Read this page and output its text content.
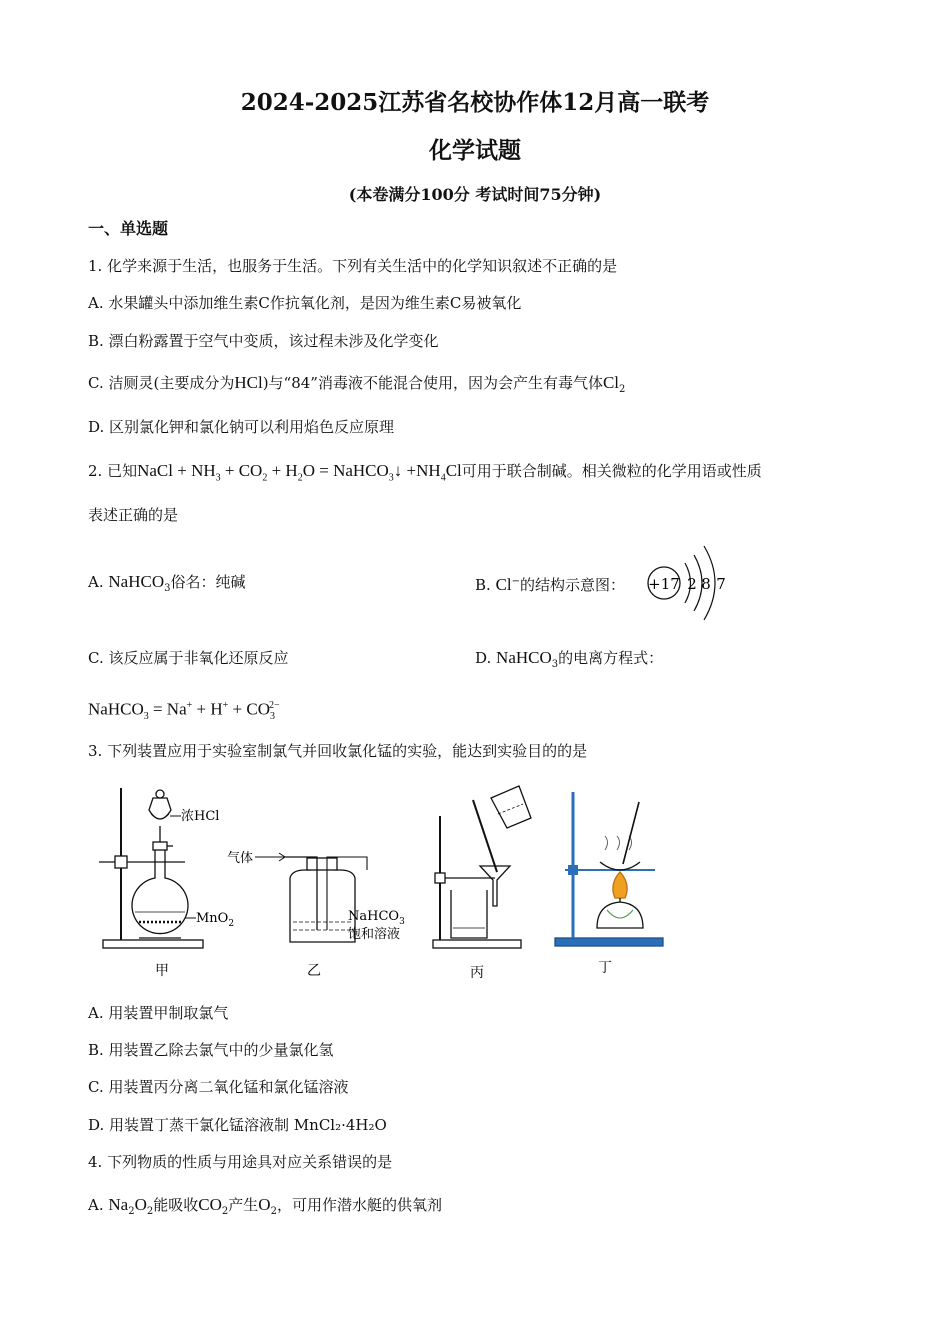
2024-2025江苏省名校协作体12月高一联考
化学试题
(本卷满分100分 考试时间75分钟)
一、单选题
1. 化学来源于生活，也服务于生活。下列有关生活中的化学知识叙述不正确的是
A. 水果罐头中添加维生素C作抗氧化剂，是因为维生素C易被氧化
B. 漂白粉露置于空气中变质，该过程未涉及化学变化
C. 洁厕灵(主要成分为HCl)与“84”消毒液不能混合使用，因为会产生有毒气体$Cl_2$
D. 区别氯化钾和氯化钠可以利用焰色反应原理
2. 已知NaCl + $NH_3 + CO_2 + H_2O$ = NaHCO$_3$↓ $+NH_4Cl$可用于联合制碱。相关微粒的化学用语或性质
表述正确的是
A. NaHCO$_3$俗名：纯碱	B. Cl−的结构示意图： +17 2 8 7
C. 该反应属于非氧化还原反应	D. NaHCO$_3$的电离方程式：
NaHCO$_3$ = $Na^+ + H^+ + CO_3^{2-}$
3. 下列装置应用于实验室制氯气并回收氯化锰的实验，能达到实验目的的是
浓HCl
MnO$_2$
甲
气体
NaHCO$_3$
饱和溶液
乙	丙	丁
A. 用装置甲制取氯气
B. 用装置乙除去氯气中的少量氯化氢
C. 用装置丙分离二氧化锰和氯化锰溶液
D. 用装置丁蒸干氯化锰溶液制 MnCl₂·4H₂O
4. 下列物质的性质与用途具对应关系错误的是
A. $Na_2O_2$能吸收$CO_2$产生$O_2$，可用作潜水艇的供氧剂
